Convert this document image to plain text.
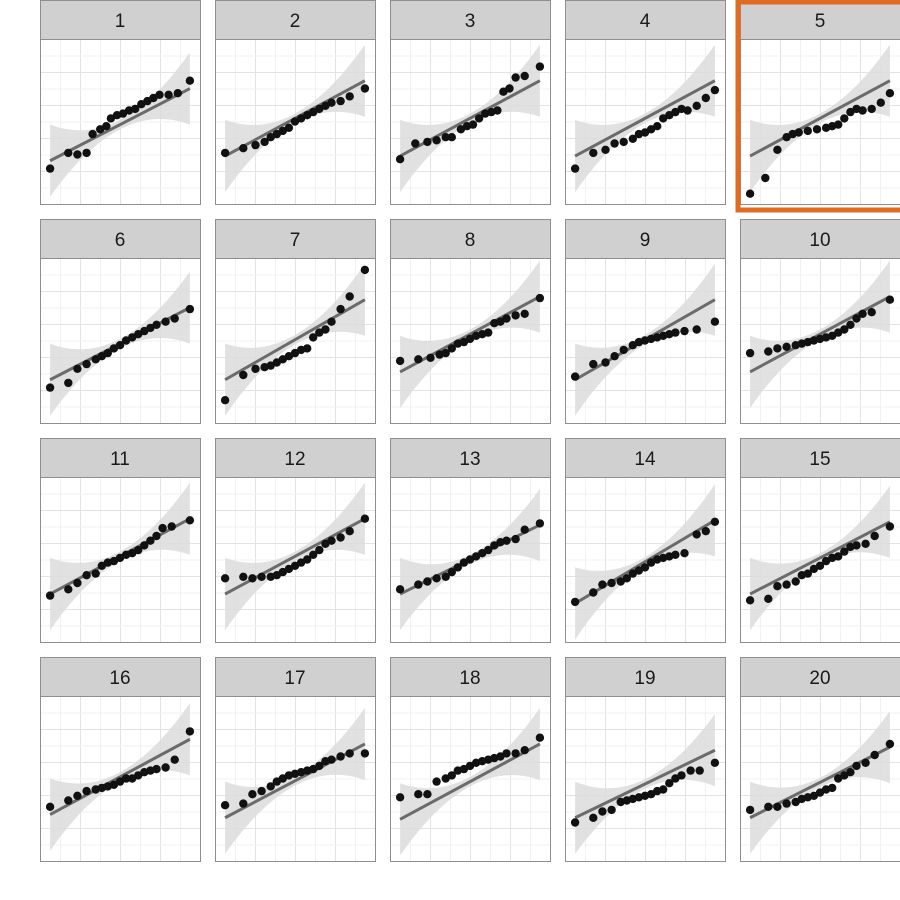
1	2	3	4	5
6	7	8	9	10
11	12	13	14	15
16	17	18	19	20
